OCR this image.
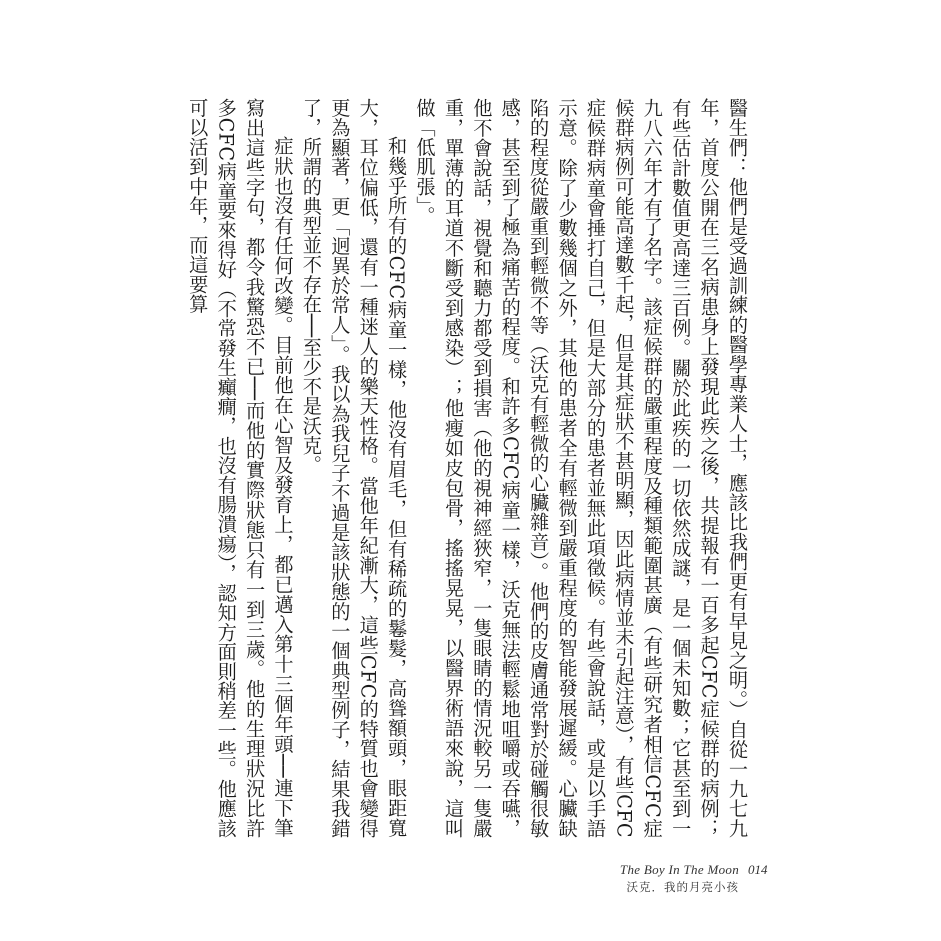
醫生們：他們是受過訓練的醫學專業人士，應該比我們更有早見之明。）自從一九七九年，首度公開在三名病患身上發現此疾之後，共提報有一百多起CFC症候群的病例；有些估計數值更高達三百例。關於此疾的一切依然成謎，是一個未知數；它甚至到一九八六年才有了名字。該症候群的嚴重程度及種類範圍甚廣（有些研究者相信CFC症候群病例可能高達數千起，但是其症狀不甚明顯，因此病情並未引起注意），有些CFC症候群病童會捶打自己，但是大部分的患者並無此項徵候。有些會說話，或是以手語示意。除了少數幾個之外，其他的患者全有輕微到嚴重程度的智能發展遲緩。心臟缺陷的程度從嚴重到輕微不等（沃克有輕微的心臟雜音）。他們的皮膚通常對於碰觸很敏感，甚至到了極為痛苦的程度。和許多CFC病童一樣，沃克無法輕鬆地咀嚼或吞嚥，他不會說話，視覺和聽力都受到損害（他的視神經狹窄，一隻眼睛的情況較另一隻嚴重，單薄的耳道不斷受到感染）；他瘦如皮包骨，搖搖晃晃，以醫界術語來說，這叫做「低肌張」。

和幾乎所有的CFC病童一樣，他沒有眉毛，但有稀疏的鬈髮，高聳額頭，眼距寬大，耳位偏低，還有一種迷人的樂天性格。當他年紀漸大，這些CFC的特質也會變得更為顯著，更「迥異於常人」。我以為我兒子不過是該狀態的一個典型例子，結果我錯了，所謂的典型並不存在──至少不是沃克。

症狀也沒有任何改變。目前他在心智及發育上，都已邁入第十三個年頭──連下筆寫出這些字句，都令我驚恐不已──而他的實際狀態只有一到三歲。他的生理狀況比許多CFC病童要來得好（不常發生癲癇，也沒有腸潰瘍），認知方面則稍差一些。他應該可以活到中年，而這要算

The Boy In The Moon
沃克．我的月亮小孩
014
